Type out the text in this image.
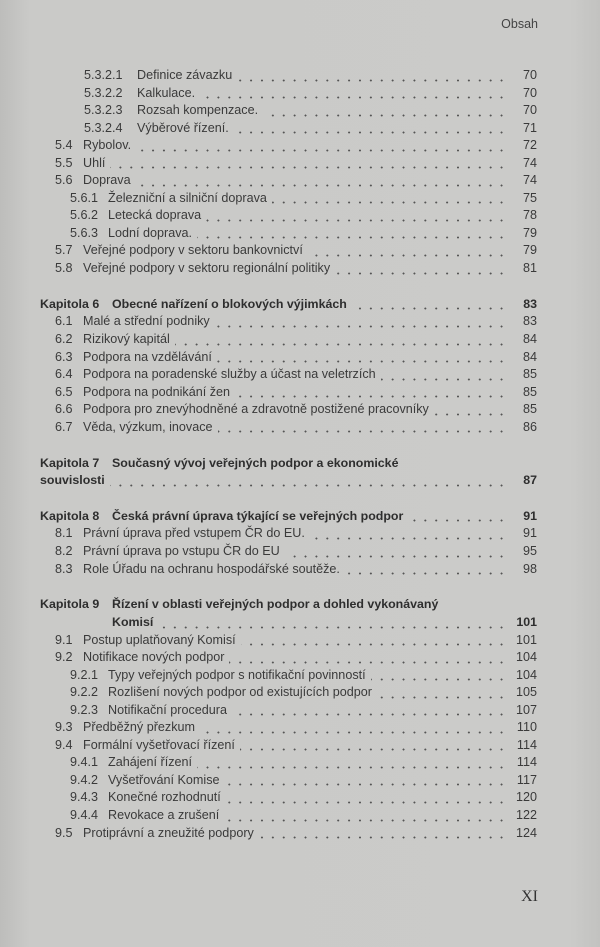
Obsah
5.3.2.1 Definice závazku	70
5.3.2.2 Kalkulace.	70
5.3.2.3 Rozsah kompenzace.	70
5.3.2.4 Výběrové řízení.	71
5.4 Rybolov.	72
5.5 Uhlí	74
5.6 Doprava	74
5.6.1 Železniční a silniční doprava	75
5.6.2 Letecká doprava	78
5.6.3 Lodní doprava.	79
5.7 Veřejné podpory v sektoru bankovnictví	79
5.8 Veřejné podpory v sektoru regionální politiky	81
Kapitola 6 Obecné nařízení o blokových výjimkách	83
6.1 Malé a střední podniky	83
6.2 Rizikový kapitál	84
6.3 Podpora na vzdělávání	84
6.4 Podpora na poradenské služby a účast na veletrzích	85
6.5 Podpora na podnikání žen	85
6.6 Podpora pro znevýhodněné a zdravotně postižené pracovníky	85
6.7 Věda, výzkum, inovace	86
Kapitola 7 Současný vývoj veřejných podpor a ekonomické
souvislosti	87
Kapitola 8 Česká právní úprava týkající se veřejných podpor	91
8.1 Právní úprava před vstupem ČR do EU.	91
8.2 Právní úprava po vstupu ČR do EU	95
8.3 Role Úřadu na ochranu hospodářské soutěže.	98
Kapitola 9 Řízení v oblasti veřejných podpor a dohled vykonávaný
Komisí	101
9.1 Postup uplatňovaný Komisí	101
9.2 Notifikace nových podpor	104
9.2.1 Typy veřejných podpor s notifikační povinností	104
9.2.2 Rozlišení nových podpor od existujících podpor	105
9.2.3 Notifikační procedura	107
9.3 Předběžný přezkum	110
9.4 Formální vyšetřovací řízení	114
9.4.1 Zahájení řízení	114
9.4.2 Vyšetřování Komise	117
9.4.3 Konečné rozhodnutí	120
9.4.4 Revokace a zrušení	122
9.5 Protiprávní a zneužité podpory	124
XI
